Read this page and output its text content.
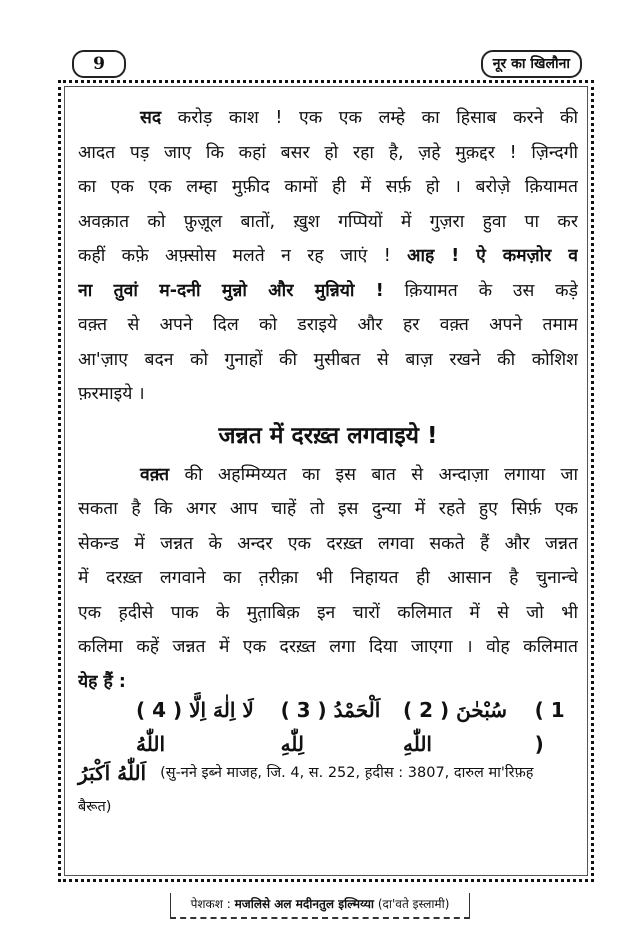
9	नूर का खिलौना
सद करोड़ काश ! एक एक लम्हे का हिसाब करने की
आदत पड़ जाए कि कहां बसर हो रहा है, ज़हे मुक़द्दर ! ज़िन्दगी
का एक एक लम्हा मुफ़ीद कामों ही में सर्फ़ हो । बरोज़े क़ियामत
अवक़ात को फ़ुज़ूल बातों, ख़ुश गप्पियों में गुज़रा हुवा पा कर
कहीं कफ़े अफ़्सोस मलते न रह जाएं ! आह ! ऐ कमज़ोर व
ना तुवां म-दनी मुन्नो और मुन्नियो ! क़ियामत के उस कड़े
वक़्त से अपने दिल को डराइये और हर वक़्त अपने तमाम
आ'ज़ाए बदन को गुनाहों की मुसीबत से बाज़ रखने की कोशिश
फ़रमाइये ।
जन्नत में दरख़्त लगवाइये !
वक़्त की अहम्मिय्यत का इस बात से अन्दाज़ा लगाया जा
सकता है कि अगर आप चाहें तो इस दुन्या में रहते हुए सिर्फ़ एक
सेकन्ड में जन्नत के अन्दर एक दरख़्त लगवा सकते हैं और जन्नत
में दरख़्त लगवाने का त़रीक़ा भी निहायत ही आसान है चुनान्चे
एक ह़दीसे पाक के मुत़ाबिक़ इन चारों कलिमात में से जो भी
कलिमा कहें जन्नत में एक दरख़्त लगा दिया जाएगा । वोह कलिमात
येह हैं :
( 4 ) لَا اِلٰهَ اِلَّا اللّٰهُ
( 3 ) اَلْحَمْدُ لِلّٰهِ
( 2 ) سُبْحٰنَ اللّٰهِ
( 1 )
اَللّٰهُ اَكْبَرُ (सु-नने इब्ने माजह, जि. 4, स. 252, ह़दीस : 3807, दारुल मा'रिफ़ह
बैरूत)
पेशकश : मजलिसे अल मदीनतुल इल्मिय्या (दा'वते इस्लामी)
